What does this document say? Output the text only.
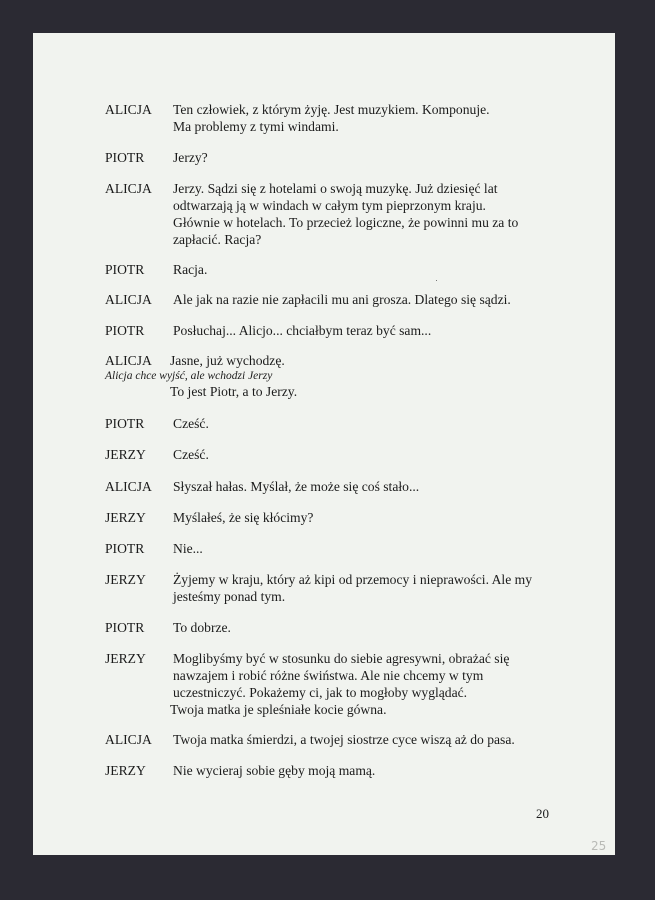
ALICJA Ten człowiek, z którym żyję. Jest muzykiem. Komponuje.
Ma problemy z tymi windami.
PIOTR Jerzy?
ALICJA Jerzy. Sądzi się z hotelami o swoją muzykę. Już dziesięć lat
odtwarzają ją w windach w całym tym pieprzonym kraju.
Głównie w hotelach. To przecież logiczne, że powinni mu za to
zapłacić. Racja?
PIOTR Racja.
ALICJA Ale jak na razie nie zapłacili mu ani grosza. Dlatego się sądzi.
PIOTR Posłuchaj... Alicjo... chciałbym teraz być sam...
ALICJA Jasne, już wychodzę.
Alicja chce wyjść, ale wchodzi Jerzy
To jest Piotr, a to Jerzy.
PIOTR Cześć.
JERZY Cześć.
ALICJA Słyszał hałas. Myślał, że może się coś stało...
JERZY Myślałeś, że się kłócimy?
PIOTR Nie...
JERZY Żyjemy w kraju, który aż kipi od przemocy i nieprawości. Ale my
jesteśmy ponad tym.
PIOTR To dobrze.
JERZY Moglibyśmy być w stosunku do siebie agresywni, obrażać się
nawzajem i robić różne świństwa. Ale nie chcemy w tym
uczestniczyć. Pokażemy ci, jak to mogłoby wyglądać.
Twoja matka je spleśniałe kocie gówna.
ALICJA Twoja matka śmierdzi, a twojej siostrze cyce wiszą aż do pasa.
JERZY Nie wycieraj sobie gęby moją mamą.
20
25
